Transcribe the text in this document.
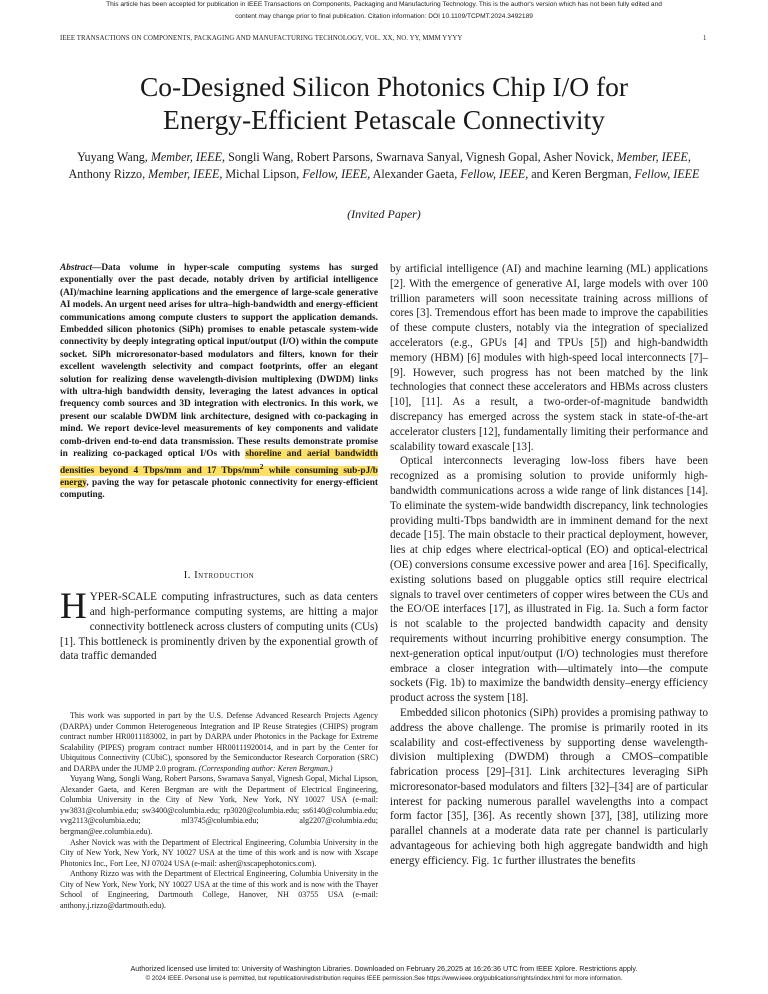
This article has been accepted for publication in IEEE Transactions on Components, Packaging and Manufacturing Technology. This is the author's version which has not been fully edited and
content may change prior to final publication. Citation information: DOI 10.1109/TCPMT.2024.3492189
IEEE TRANSACTIONS ON COMPONENTS, PACKAGING AND MANUFACTURING TECHNOLOGY, VOL. XX, NO. YY, MMM YYYY	1
Co-Designed Silicon Photonics Chip I/O for
Energy-Efficient Petascale Connectivity
Yuyang Wang, Member, IEEE, Songli Wang, Robert Parsons, Swarnava Sanyal, Vignesh Gopal, Asher Novick, Member, IEEE, Anthony Rizzo, Member, IEEE, Michal Lipson, Fellow, IEEE, Alexander Gaeta, Fellow, IEEE, and Keren Bergman, Fellow, IEEE
(Invited Paper)
Abstract—Data volume in hyper-scale computing systems has surged exponentially over the past decade, notably driven by artificial intelligence (AI)/machine learning applications and the emergence of large-scale generative AI models. An urgent need arises for ultra–high-bandwidth and energy-efficient communications among compute clusters to support the application demands. Embedded silicon photonics (SiPh) promises to enable petascale system-wide connectivity by deeply integrating optical input/output (I/O) within the compute socket. SiPh microresonator-based modulators and filters, known for their excellent wavelength selectivity and compact footprints, offer an elegant solution for realizing dense wavelength-division multiplexing (DWDM) links with ultra-high bandwidth density, leveraging the latest advances in optical frequency comb sources and 3D integration with electronics. In this work, we present our scalable DWDM link architecture, designed with co-packaging in mind. We report device-level measurements of key components and validate comb-driven end-to-end data transmission. These results demonstrate promise in realizing co-packaged optical I/Os with shoreline and aerial bandwidth densities beyond 4 Tbps/mm and 17 Tbps/$mm^2$ while consuming sub-pJ/b energy, paving the way for petascale photonic connectivity for energy-efficient computing.
I. Introduction
HYPER-SCALE computing infrastructures, such as data centers and high-performance computing systems, are hitting a major connectivity bottleneck across clusters of computing units (CUs) [1]. This bottleneck is prominently driven by the exponential growth of data traffic demanded

This work was supported in part by the U.S. Defense Advanced Research Projects Agency (DARPA) under Common Heterogeneous Integration and IP Reuse Strategies (CHIPS) program contract number HR0011183002, in part by DARPA under Photonics in the Package for Extreme Scalability (PIPES) program contract number HR00111920014, and in part by the Center for Ubiquitous Connectivity (CUbiC), sponsored by the Semiconductor Research Corporation (SRC) and DARPA under the JUMP 2.0 program. (Corresponding author: Keren Bergman.)

Yuyang Wang, Songli Wang, Robert Parsons, Swarnava Sanyal, Vignesh Gopal, Michal Lipson, Alexander Gaeta, and Keren Bergman are with the Department of Electrical Engineering, Columbia University in the City of New York, New York, NY 10027 USA (e-mail: yw3831@columbia.edu; sw3400@columbia.edu; rp3020@columbia.edu; ss6140@columbia.edu; vvg2113@columbia.edu; ml3745@columbia.edu; alg2207@columbia.edu; bergman@ee.columbia.edu).

Asher Novick was with the Department of Electrical Engineering, Columbia University in the City of New York, New York, NY 10027 USA at the time of this work and is now with Xscape Photonics Inc., Fort Lee, NJ 07024 USA (e-mail: asher@xscapephotonics.com).

Anthony Rizzo was with the Department of Electrical Engineering, Columbia University in the City of New York, New York, NY 10027 USA at the time of this work and is now with the Thayer School of Engineering, Dartmouth College, Hanover, NH 03755 USA (e-mail: anthony.j.rizzo@dartmouth.edu).

by artificial intelligence (AI) and machine learning (ML) applications [2]. With the emergence of generative AI, large models with over 100 trillion parameters will soon necessitate training across millions of cores [3]. Tremendous effort has been made to improve the capabilities of these compute clusters, notably via the integration of specialized accelerators (e.g., GPUs [4] and TPUs [5]) and high-bandwidth memory (HBM) [6] modules with high-speed local interconnects [7]–[9]. However, such progress has not been matched by the link technologies that connect these accelerators and HBMs across clusters [10], [11]. As a result, a two-order-of-magnitude bandwidth discrepancy has emerged across the system stack in state-of-the-art accelerator clusters [12], fundamentally limiting their performance and scalability toward exascale [13].

Optical interconnects leveraging low-loss fibers have been recognized as a promising solution to provide uniformly high-bandwidth communications across a wide range of link distances [14]. To eliminate the system-wide bandwidth discrepancy, link technologies providing multi-Tbps bandwidth are in imminent demand for the next decade [15]. The main obstacle to their practical deployment, however, lies at chip edges where electrical-optical (EO) and optical-electrical (OE) conversions consume excessive power and area [16]. Specifically, existing solutions based on pluggable optics still require electrical signals to travel over centimeters of copper wires between the CUs and the EO/OE interfaces [17], as illustrated in Fig. 1a. Such a form factor is not scalable to the projected bandwidth capacity and density requirements without incurring prohibitive energy consumption. The next-generation optical input/output (I/O) technologies must therefore embrace a closer integration with—ultimately into—the compute sockets (Fig. 1b) to maximize the bandwidth density–energy efficiency product across the system [18].

Embedded silicon photonics (SiPh) provides a promising pathway to address the above challenge. The promise is primarily rooted in its scalability and cost-effectiveness by supporting dense wavelength-division multiplexing (DWDM) through a CMOS–compatible fabrication process [29]–[31]. Link architectures leveraging SiPh microresonator-based modulators and filters [32]–[34] are of particular interest for packing numerous parallel wavelengths into a compact form factor [35], [36]. As recently shown [37], [38], utilizing more parallel channels at a moderate data rate per channel is particularly advantageous for achieving both high aggregate bandwidth and high energy efficiency. Fig. 1c further illustrates the benefits

Authorized licensed use limited to: University of Washington Libraries. Downloaded on February 26,2025 at 16:26:36 UTC from IEEE Xplore. Restrictions apply.
© 2024 IEEE. Personal use is permitted, but republication/redistribution requires IEEE permission.See https://www.ieee.org/publications/rights/index.html for more information.
